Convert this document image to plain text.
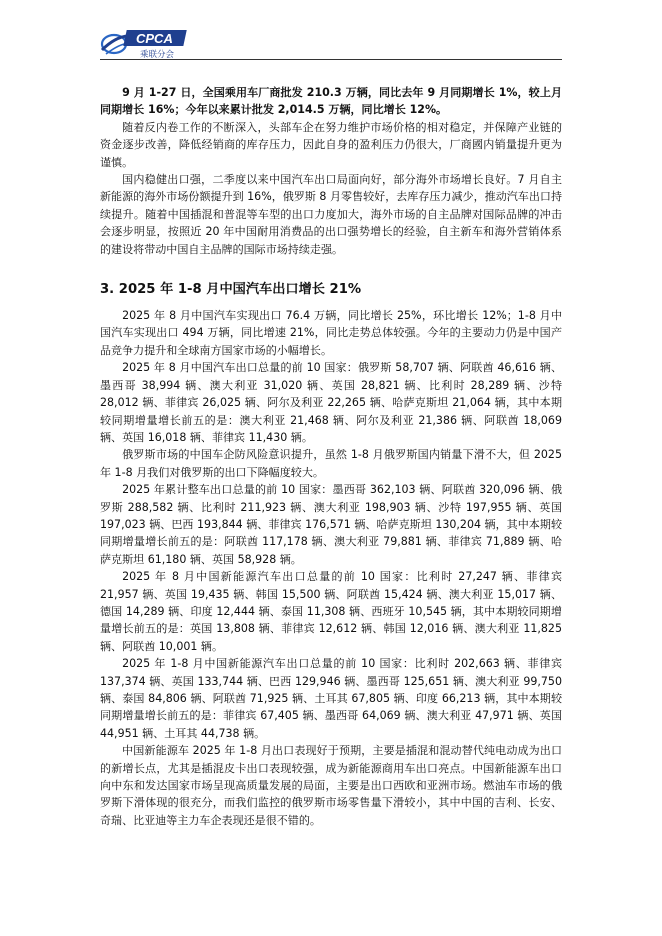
CPCA
乘联分会

9 月 1-27 日，全国乘用车厂商批发 210.3 万辆，同比去年 9 月同期增长 1%，较上月同期增长 16%；今年以来累计批发 2,014.5 万辆，同比增长 12%。

随着反内卷工作的不断深入，头部车企在努力维护市场价格的相对稳定，并保障产业链的资金逐步改善，降低经销商的库存压力，因此自身的盈利压力仍很大，厂商國内销量提升更为谨慎。

国内稳健出口强，二季度以来中国汽车出口局面向好，部分海外市场增长良好。7 月自主新能源的海外市场份额提升到 16%，俄罗斯 8 月零售较好，去库存压力减少，推动汽车出口持续提升。随着中国插混和普混等车型的出口力度加大，海外市场的自主品牌对国际品牌的冲击会逐步明显，按照近 20 年中国耐用消费品的出口强势增长的经验，自主新车和海外营销体系的建设将带动中国自主品牌的国际市场持续走强。

3. 2025 年 1-8 月中国汽车出口增长 21%

2025 年 8 月中国汽车实现出口 76.4 万辆，同比增长 25%，环比增长 12%；1-8 月中国汽车实现出口 494 万辆，同比增速 21%，同比走势总体较强。今年的主要动力仍是中国产品竞争力提升和全球南方国家市场的小幅增长。

2025 年 8 月中国汽车出口总量的前 10 国家：俄罗斯 58,707 辆、阿联酋 46,616 辆、墨西哥 38,994 辆、澳大利亚 31,020 辆、英国 28,821 辆、比利时 28,289 辆、沙特 28,012 辆、菲律宾 26,025 辆、阿尔及利亚 22,265 辆、哈萨克斯坦 21,064 辆，其中本期较同期增量增长前五的是：澳大利亚 21,468 辆、阿尔及利亚 21,386 辆、阿联酋 18,069 辆、英国 16,018 辆、菲律宾 11,430 辆。

俄罗斯市场的中国车企防风险意识提升，虽然 1-8 月俄罗斯国内销量下滑不大，但 2025 年 1-8 月我们对俄罗斯的出口下降幅度较大。

2025 年累计整车出口总量的前 10 国家：墨西哥 362,103 辆、阿联酋 320,096 辆、俄罗斯 288,582 辆、比利时 211,923 辆、澳大利亚 198,903 辆、沙特 197,955 辆、英国 197,023 辆、巴西 193,844 辆、菲律宾 176,571 辆、哈萨克斯坦 130,204 辆，其中本期较同期增量增长前五的是：阿联酋 117,178 辆、澳大利亚 79,881 辆、菲律宾 71,889 辆、哈萨克斯坦 61,180 辆、英国 58,928 辆。

2025 年 8 月中国新能源汽车出口总量的前 10 国家：比利时 27,247 辆、菲律宾 21,957 辆、英国 19,435 辆、韩国 15,500 辆、阿联酋 15,424 辆、澳大利亚 15,017 辆、德国 14,289 辆、印度 12,444 辆、泰国 11,308 辆、西班牙 10,545 辆，其中本期较同期增量增长前五的是：英国 13,808 辆、菲律宾 12,612 辆、韩国 12,016 辆、澳大利亚 11,825 辆、阿联酋 10,001 辆。

2025 年 1-8 月中国新能源汽车出口总量的前 10 国家：比利时 202,663 辆、菲律宾 137,374 辆、英国 133,744 辆、巴西 129,946 辆、墨西哥 125,651 辆、澳大利亚 99,750 辆、泰国 84,806 辆、阿联酋 71,925 辆、土耳其 67,805 辆、印度 66,213 辆，其中本期较同期增量增长前五的是：菲律宾 67,405 辆、墨西哥 64,069 辆、澳大利亚 47,971 辆、英国 44,951 辆、土耳其 44,738 辆。

中国新能源车 2025 年 1-8 月出口表现好于预期，主要是插混和混动替代纯电动成为出口的新增长点，尤其是插混皮卡出口表现较强，成为新能源商用车出口亮点。中国新能源车出口向中东和发达国家市场呈现高质量发展的局面，主要是出口西欧和亚洲市场。燃油车市场的俄罗斯下滑体现的很充分，而我们监控的俄罗斯市场零售量下滑较小，其中中国的吉利、长安、奇瑞、比亚迪等主力车企表现还是很不错的。
